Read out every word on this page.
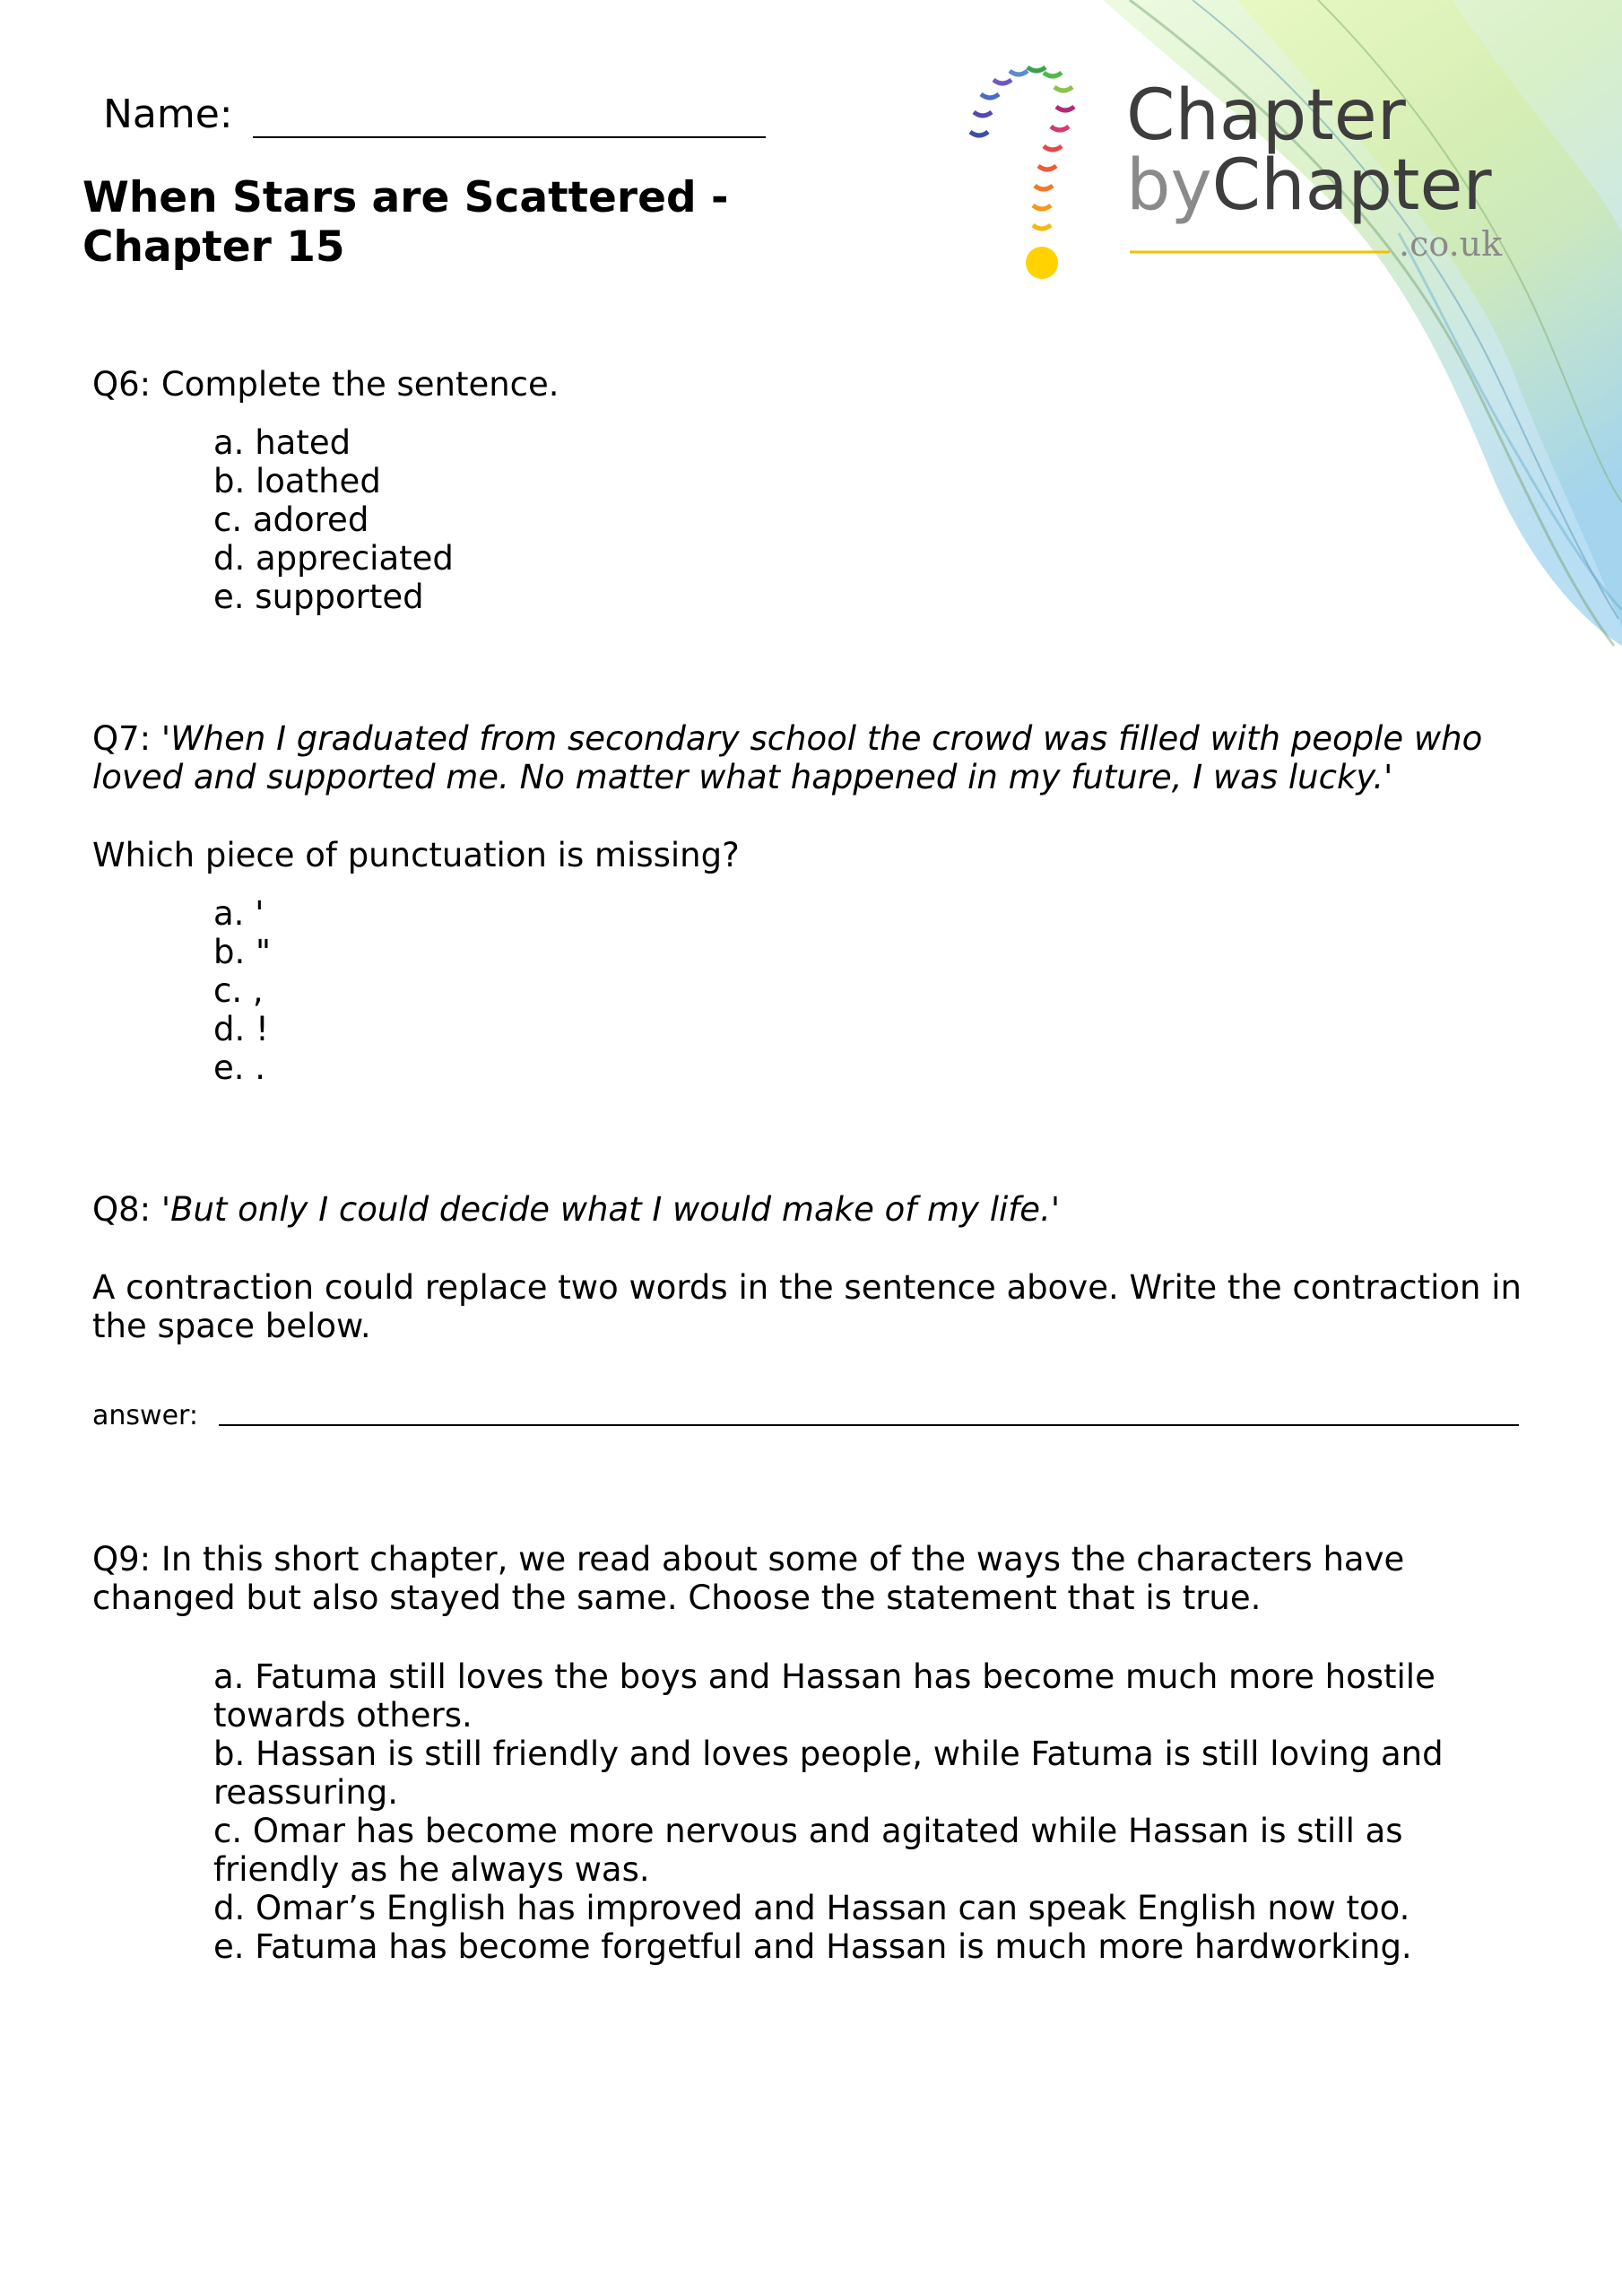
Chapter
byChapter
.co.uk
Name:
When Stars are Scattered -
Chapter 15
Q6: Complete the sentence.
a. hated
b. loathed
c. adored
d. appreciated
e. supported
Q7: 'When I graduated from secondary school the crowd was filled with people who loved and supported me. No matter what happened in my future, I was lucky.'
Which piece of punctuation is missing?
a. '
b. "
c. ,
d. !
e. .
Q8: 'But only I could decide what I would make of my life.'
A contraction could replace two words in the sentence above. Write the contraction in the space below.
answer:
Q9: In this short chapter, we read about some of the ways the characters have changed but also stayed the same. Choose the statement that is true.
a. Fatuma still loves the boys and Hassan has become much more hostile towards others.
b. Hassan is still friendly and loves people, while Fatuma is still loving and reassuring.
c. Omar has become more nervous and agitated while Hassan is still as friendly as he always was.
d. Omar’s English has improved and Hassan can speak English now too.
e. Fatuma has become forgetful and Hassan is much more hardworking.
